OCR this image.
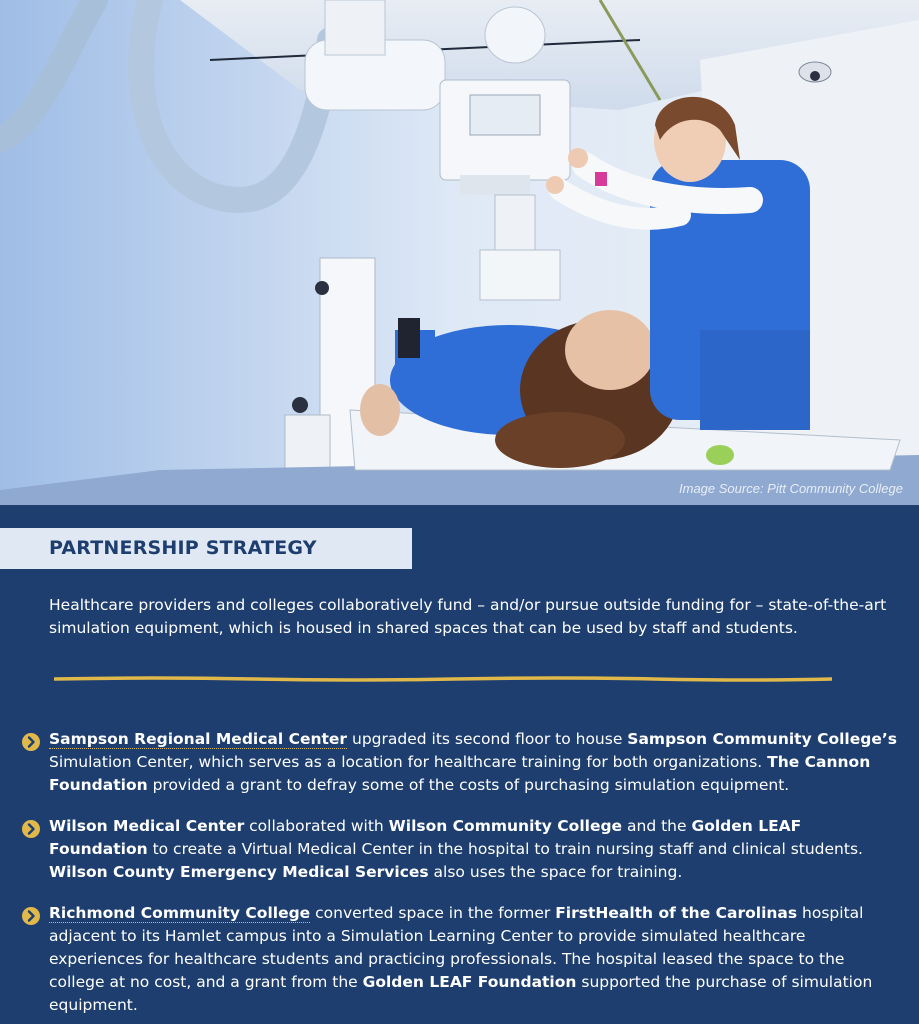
Image Source: Pitt Community College
PARTNERSHIP STRATEGY
Healthcare providers and colleges collaboratively fund – and/or pursue outside funding for – state-of-the-art simulation equipment, which is housed in shared spaces that can be used by staff and students.
Sampson Regional Medical Center upgraded its second floor to house Sampson Community College’s Simulation Center, which serves as a location for healthcare training for both organizations. The Cannon Foundation provided a grant to defray some of the costs of purchasing simulation equipment.
Wilson Medical Center collaborated with Wilson Community College and the Golden LEAF Foundation to create a Virtual Medical Center in the hospital to train nursing staff and clinical students. Wilson County Emergency Medical Services also uses the space for training.
Richmond Community College converted space in the former FirstHealth of the Carolinas hospital adjacent to its Hamlet campus into a Simulation Learning Center to provide simulated healthcare experiences for healthcare students and practicing professionals. The hospital leased the space to the college at no cost, and a grant from the Golden LEAF Foundation supported the purchase of simulation equipment.
